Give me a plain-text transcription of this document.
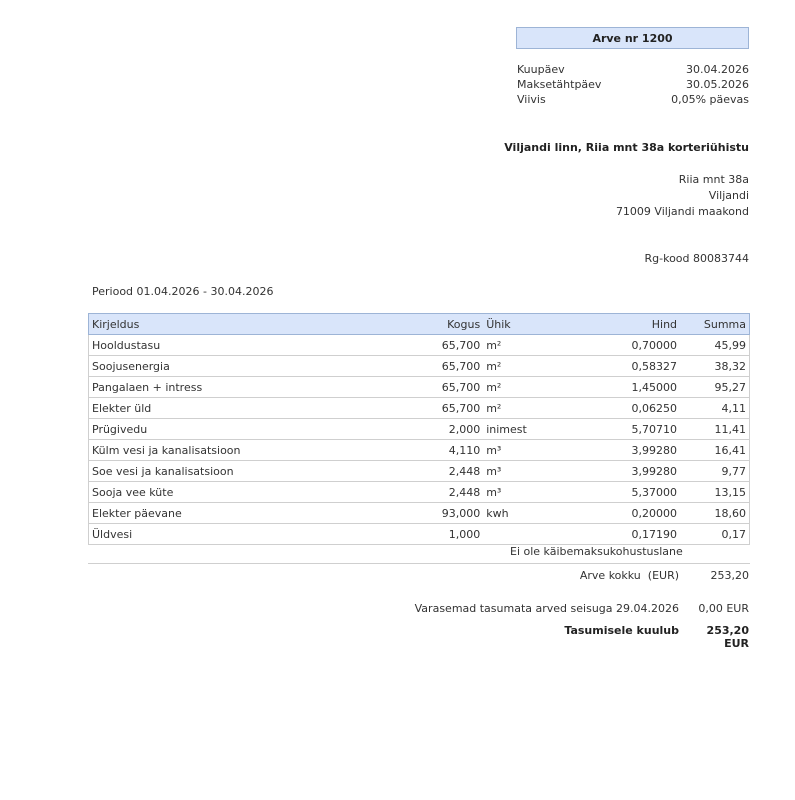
Arve nr 1200
Kuupäev	30.04.2026
Maksetähtpäev	30.05.2026
Viivis	0,05% päevas
Viljandi linn, Riia mnt 38a korteriühistu
Riia mnt 38a
Viljandi
71009 Viljandi maakond
Rg-kood 80083744
Periood 01.04.2026 - 30.04.2026
Kirjeldus	Kogus	Ühik	Hind	Summa
Hooldustasu	65,700	m²	0,70000	45,99
Soojusenergia	65,700	m²	0,58327	38,32
Pangalaen + intress	65,700	m²	1,45000	95,27
Elekter üld	65,700	m²	0,06250	4,11
Prügivedu	2,000	inimest	5,70710	11,41
Külm vesi ja kanalisatsioon	4,110	m³	3,99280	16,41
Soe vesi ja kanalisatsioon	2,448	m³	3,99280	9,77
Sooja vee küte	2,448	m³	5,37000	13,15
Elekter päevane	93,000	kwh	0,20000	18,60
Üldvesi	1,000		0,17190	0,17
Ei ole käibemaksukohustuslane
Arve kokku  (EUR)	253,20
Varasemad tasumata arved seisuga 29.04.2026	0,00 EUR
Tasumisele kuulub	253,20 EUR
